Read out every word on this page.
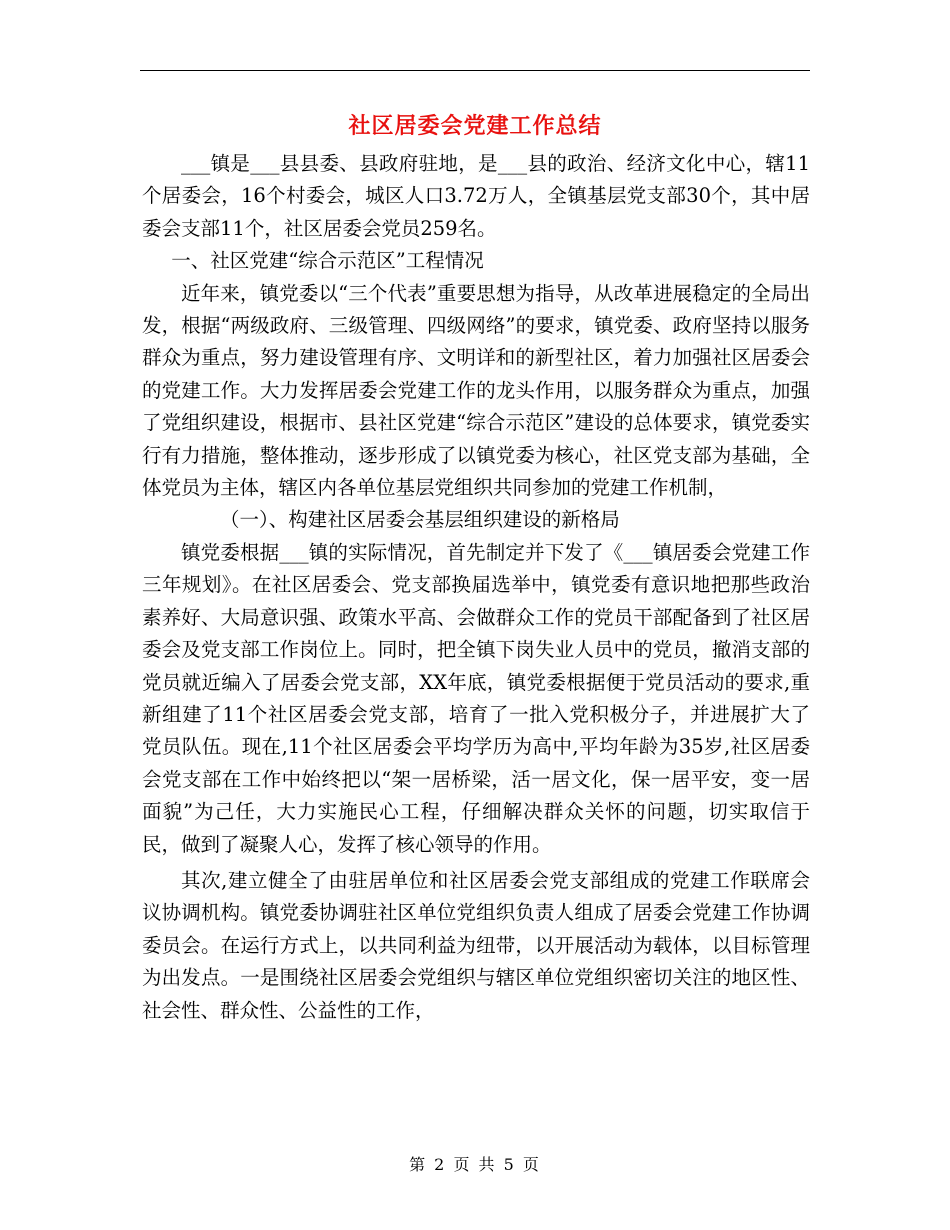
社区居委会党建工作总结

___镇是___县县委、县政府驻地，是___县的政治、经济文化中心，辖11个居委会，16个村委会，城区人口3.72万人，全镇基层党支部30个，其中居委会支部11个，社区居委会党员259名。

一、社区党建“综合示范区”工程情况

近年来，镇党委以“三个代表”重要思想为指导，从改革进展稳定的全局出发，根据“两级政府、三级管理、四级网络”的要求，镇党委、政府坚持以服务群众为重点，努力建设管理有序、文明详和的新型社区，着力加强社区居委会的党建工作。大力发挥居委会党建工作的龙头作用，以服务群众为重点，加强了党组织建设，根据市、县社区党建“综合示范区”建设的总体要求，镇党委实行有力措施，整体推动，逐步形成了以镇党委为核心，社区党支部为基础，全体党员为主体，辖区内各单位基层党组织共同参加的党建工作机制，

（一）、构建社区居委会基层组织建设的新格局

镇党委根据___镇的实际情况，首先制定并下发了《___镇居委会党建工作三年规划》。在社区居委会、党支部换届选举中，镇党委有意识地把那些政治素养好、大局意识强、政策水平高、会做群众工作的党员干部配备到了社区居委会及党支部工作岗位上。同时，把全镇下岗失业人员中的党员，撤消支部的党员就近编入了居委会党支部，XX年底，镇党委根据便于党员活动的要求,重新组建了11个社区居委会党支部，培育了一批入党积极分子，并进展扩大了党员队伍。现在,11个社区居委会平均学历为高中,平均年龄为35岁,社区居委会党支部在工作中始终把以“架一居桥梁，活一居文化，保一居平安，变一居面貌”为己任，大力实施民心工程，仔细解决群众关怀的问题，切实取信于民，做到了凝聚人心，发挥了核心领导的作用。

其次,建立健全了由驻居单位和社区居委会党支部组成的党建工作联席会议协调机构。镇党委协调驻社区单位党组织负责人组成了居委会党建工作协调委员会。在运行方式上，以共同利益为纽带，以开展活动为载体，以目标管理为出发点。一是围绕社区居委会党组织与辖区单位党组织密切关注的地区性、社会性、群众性、公益性的工作，

第 2 页 共 5 页
